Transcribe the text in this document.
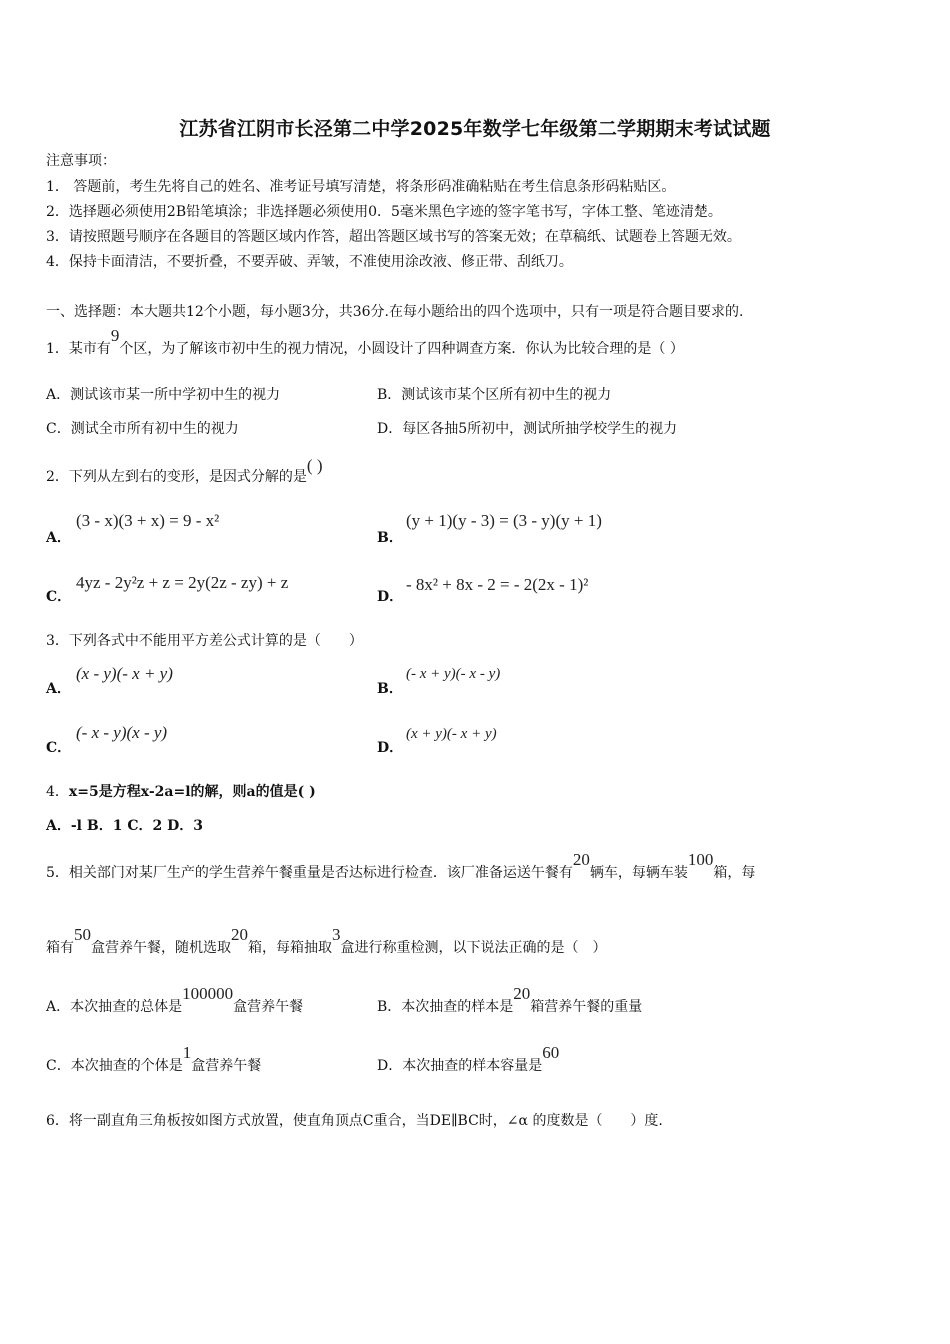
江苏省江阴市长泾第二中学2025年数学七年级第二学期期末考试试题
注意事项：
1． 答题前，考生先将自己的姓名、准考证号填写清楚，将条形码准确粘贴在考生信息条形码粘贴区。
2．选择题必须使用2B铅笔填涂；非选择题必须使用0．5毫米黑色字迹的签字笔书写，字体工整、笔迹清楚。
3．请按照题号顺序在各题目的答题区域内作答，超出答题区域书写的答案无效；在草稿纸、试题卷上答题无效。
4．保持卡面清洁，不要折叠，不要弄破、弄皱，不准使用涂改液、修正带、刮纸刀。
一、选择题：本大题共12个小题，每小题3分，共36分.在每小题给出的四个选项中，只有一项是符合题目要求的.
1．某市有9个区，为了解该市初中生的视力情况，小圆设计了四种调查方案．你认为比较合理的是（ ）
A．测试该市某一所中学初中生的视力	B．测试该市某个区所有初中生的视力
C．测试全市所有初中生的视力	D．每区各抽5所初中，测试所抽学校学生的视力
2．下列从左到右的变形，是因式分解的是( )
A．
(3 - x)(3 + x) = 9 - x²
B．
(y + 1)(y - 3) = (3 - y)(y + 1)
C．
4yz - 2y²z + z = 2y(2z - zy) + z
D．
- 8x² + 8x - 2 = - 2(2x - 1)²
3．下列各式中不能用平方差公式计算的是（　　）
A．
(x - y)(- x + y)
B．
(- x + y)(- x - y)
C．
(- x - y)(x - y)
D．
(x + y)(- x + y)
4．x=5是方程x-2a=l的解，则a的值是( )
A．-l B．1 C．2 D．3
5．相关部门对某厂生产的学生营养午餐重量是否达标进行检查．该厂准备运送午餐有20辆车，每辆车装100箱，每
箱有50盒营养午餐，随机选取20箱，每箱抽取3盒进行称重检测，以下说法正确的是（　）
A．本次抽查的总体是100000盒营养午餐	B．本次抽查的样本是20箱营养午餐的重量
C．本次抽查的个体是1盒营养午餐	D．本次抽查的样本容量是60
6．将一副直角三角板按如图方式放置，使直角顶点C重合，当DE∥BC时，∠α 的度数是（　　）度.
